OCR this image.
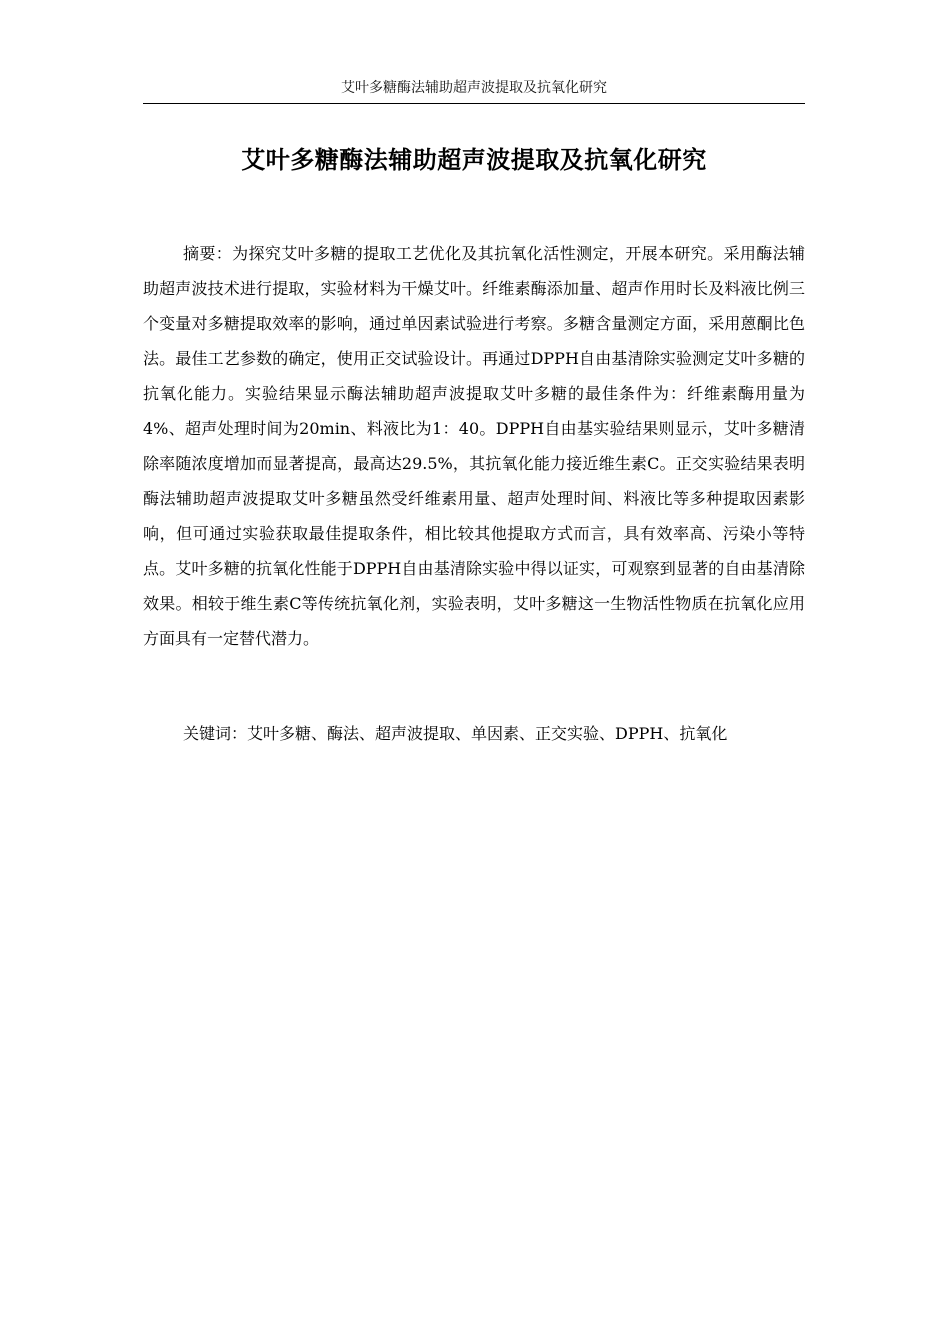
艾叶多糖酶法辅助超声波提取及抗氧化研究
艾叶多糖酶法辅助超声波提取及抗氧化研究

摘要：为探究艾叶多糖的提取工艺优化及其抗氧化活性测定，开展本研究。采用酶法辅助超声波技术进行提取，实验材料为干燥艾叶。纤维素酶添加量、超声作用时长及料液比例三个变量对多糖提取效率的影响，通过单因素试验进行考察。多糖含量测定方面，采用蒽酮比色法。最佳工艺参数的确定，使用正交试验设计。再通过DPPH自由基清除实验测定艾叶多糖的抗氧化能力。实验结果显示酶法辅助超声波提取艾叶多糖的最佳条件为：纤维素酶用量为4%、超声处理时间为20min、料液比为1：40。DPPH自由基实验结果则显示，艾叶多糖清除率随浓度增加而显著提高，最高达29.5%，其抗氧化能力接近维生素C。正交实验结果表明酶法辅助超声波提取艾叶多糖虽然受纤维素用量、超声处理时间、料液比等多种提取因素影响，但可通过实验获取最佳提取条件，相比较其他提取方式而言，具有效率高、污染小等特点。艾叶多糖的抗氧化性能于DPPH自由基清除实验中得以证实，可观察到显著的自由基清除效果。相较于维生素C等传统抗氧化剂，实验表明，艾叶多糖这一生物活性物质在抗氧化应用方面具有一定替代潜力。

关键词：艾叶多糖、酶法、超声波提取、单因素、正交实验、DPPH、抗氧化
